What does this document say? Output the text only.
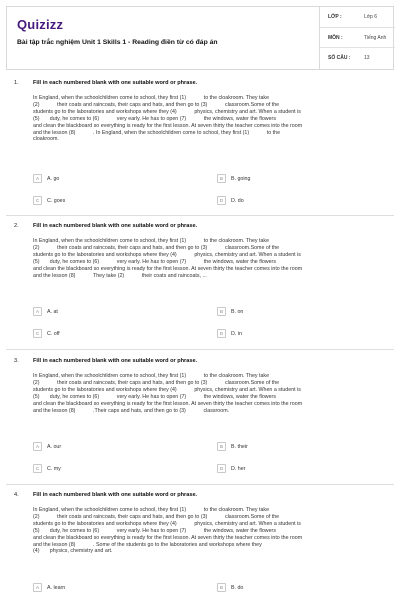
Quizizz
Bài tập trắc nghiệm Unit 1 Skills 1 - Reading điền từ có đáp án
LỚP :	Lớp 6
MÔN :	Tiếng Anh
SỐ CÂU :	13
1.	Fill in each numbered blank with one suitable word or phrase.
In England, when the schoolchildren come to school, they first (1)            to the cloakroom. They take
(2)            their coats and raincoats, their caps and hats, and then go to (3)            classroom.Some of the
students go to the laboratories and workshops where they (4)            physics, chemistry and art. When a student is
(5)       duty, he comes to (6)            very early. He has to open (7)            the windows, water the flowers
and clean the blackboard so everything is ready for the first lesson. At seven thirty the teacher comes into the room
and the lesson (8)            . In England, when the schoolchildren come to school, they first (1)            to the
cloakroom.
A	A. go	B	B. going
C	C. goes	D	D. do
2.	Fill in each numbered blank with one suitable word or phrase.
In England, when the schoolchildren come to school, they first (1)            to the cloakroom. They take
(2)            their coats and raincoats, their caps and hats, and then go to (3)            classroom.Some of the
students go to the laboratories and workshops where they (4)            physics, chemistry and art. When a student is
(5)       duty, he comes to (6)            very early. He has to open (7)            the windows, water the flowers
and clean the blackboard so everything is ready for the first lesson. At seven thirty the teacher comes into the room
and the lesson (8)            They take (2)            their coats and raincoats, ...
A	A. at	B	B. on
C	C. off	D	D. in
3.	Fill in each numbered blank with one suitable word or phrase.
In England, when the schoolchildren come to school, they first (1)            to the cloakroom. They take
(2)            their coats and raincoats, their caps and hats, and then go to (3)            classroom.Some of the
students go to the laboratories and workshops where they (4)            physics, chemistry and art. When a student is
(5)       duty, he comes to (6)            very early. He has to open (7)            the windows, water the flowers
and clean the blackboard so everything is ready for the first lesson. At seven thirty the teacher comes into the room
and the lesson (8)            .Their caps and hats, and then go to (3)            classroom.
A	A. our	B	B. their
C	C. my	D	D. her
4.	Fill in each numbered blank with one suitable word or phrase.
In England, when the schoolchildren come to school, they first (1)            to the cloakroom. They take
(2)            their coats and raincoats, their caps and hats, and then go to (3)            classroom.Some of the
students go to the laboratories and workshops where they (4)            physics, chemistry and art. When a student is
(5)       duty, he comes to (6)            very early. He has to open (7)            the windows, water the flowers
and clean the blackboard so everything is ready for the first lesson. At seven thirty the teacher comes into the room
and the lesson (8)            . Some of the students go to the laboratories and workshops where they
(4)       physics, chemistry and art.
A	A. learn	B	B. do
